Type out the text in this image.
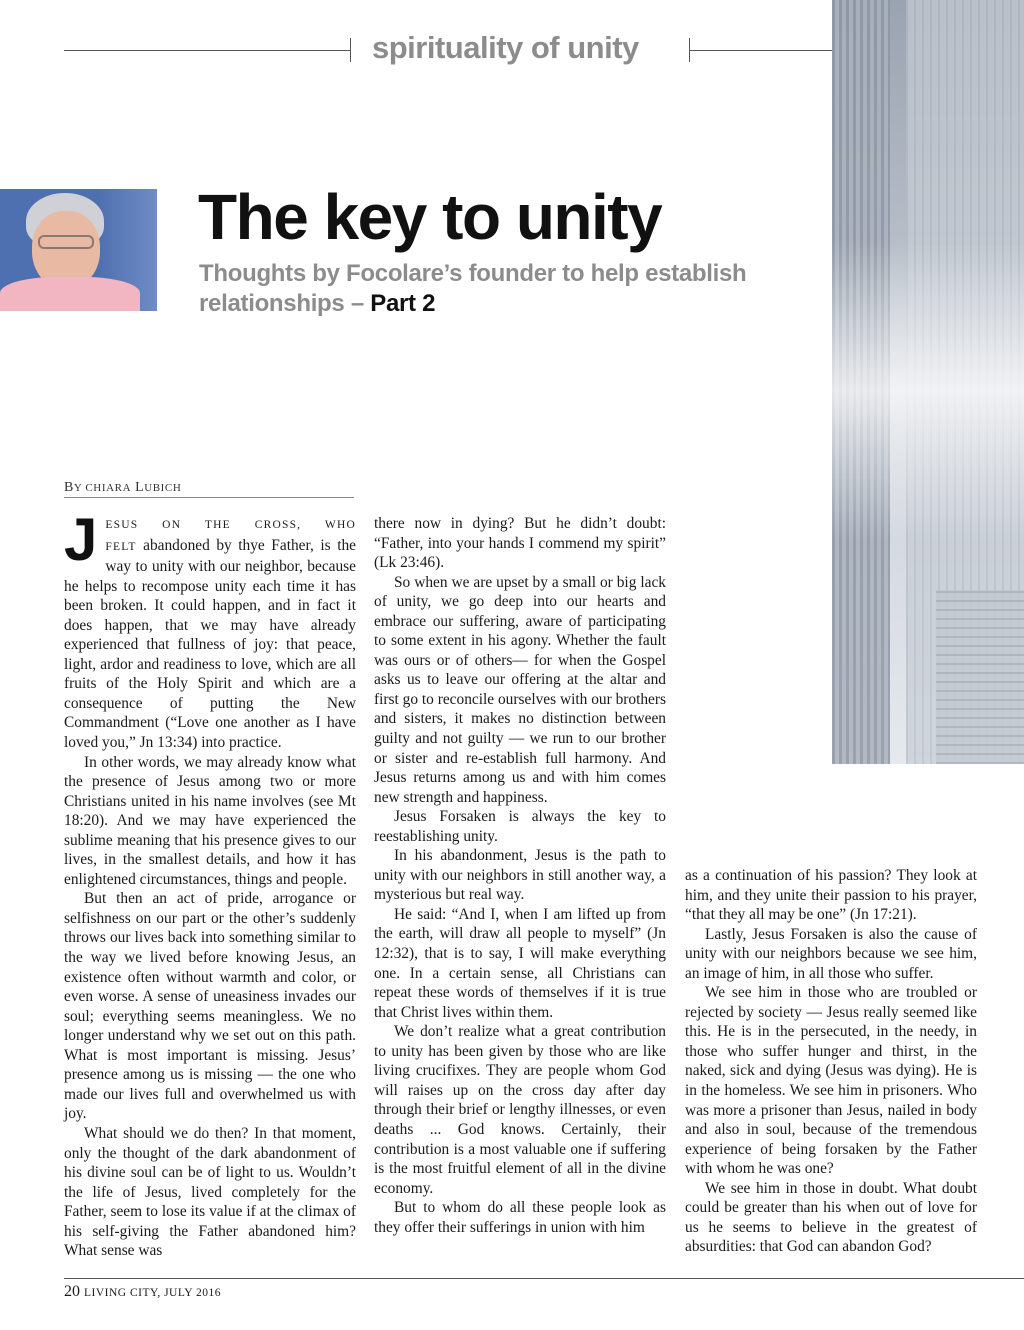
spirituality of unity
The key to unity
Thoughts by Focolare’s founder to help establish relationships – Part 2
BY CHIARA LUBICH

JESUS ON THE CROSS, WHO FELT abandoned by thye Father, is the way to unity with our neighbor, because he helps to recompose unity each time it has been broken. It could happen, and in fact it does happen, that we may have already experienced that fullness of joy: that peace, light, ardor and readiness to love, which are all fruits of the Holy Spirit and which are a consequence of putting the New Commandment (“Love one another as I have loved you,” Jn 13:34) into practice.

In other words, we may already know what the presence of Jesus among two or more Christians united in his name involves (see Mt 18:20). And we may have experienced the sublime meaning that his presence gives to our lives, in the smallest details, and how it has enlightened circumstances, things and people.

But then an act of pride, arrogance or selfishness on our part or the other’s suddenly throws our lives back into something similar to the way we lived before knowing Jesus, an existence often without warmth and color, or even worse. A sense of uneasiness invades our soul; everything seems meaningless. We no longer understand why we set out on this path. What is most important is missing. Jesus’ presence among us is missing — the one who made our lives full and overwhelmed us with joy.

What should we do then? In that moment, only the thought of the dark abandonment of his divine soul can be of light to us. Wouldn’t the life of Jesus, lived completely for the Father, seem to lose its value if at the climax of his self-giving the Father abandoned him? What sense was

there now in dying? But he didn’t doubt: “Father, into your hands I commend my spirit” (Lk 23:46).

So when we are upset by a small or big lack of unity, we go deep into our hearts and embrace our suffering, aware of participating to some extent in his agony. Whether the fault was ours or of others— for when the Gospel asks us to leave our offering at the altar and first go to reconcile ourselves with our brothers and sisters, it makes no distinction between guilty and not guilty — we run to our brother or sister and re-establish full harmony. And Jesus returns among us and with him comes new strength and happiness.

Jesus Forsaken is always the key to reestablishing unity.

In his abandonment, Jesus is the path to unity with our neighbors in still another way, a mysterious but real way.

He said: “And I, when I am lifted up from the earth, will draw all people to myself” (Jn 12:32), that is to say, I will make everything one. In a certain sense, all Christians can repeat these words of themselves if it is true that Christ lives within them.

We don’t realize what a great contribution to unity has been given by those who are like living crucifixes. They are people whom God will raises up on the cross day after day through their brief or lengthy illnesses, or even deaths ... God knows. Certainly, their contribution is a most valuable one if suffering is the most fruitful element of all in the divine economy.

But to whom do all these people look as they offer their sufferings in union with him

as a continuation of his passion? They look at him, and they unite their passion to his prayer, “that they all may be one” (Jn 17:21).

Lastly, Jesus Forsaken is also the cause of unity with our neighbors because we see him, an image of him, in all those who suffer.

We see him in those who are troubled or rejected by society — Jesus really seemed like this. He is in the persecuted, in the needy, in those who suffer hunger and thirst, in the naked, sick and dying (Jesus was dying). He is in the homeless. We see him in prisoners. Who was more a prisoner than Jesus, nailed in body and also in soul, because of the tremendous experience of being forsaken by the Father with whom he was one?

We see him in those in doubt. What doubt could be greater than his when out of love for us he seems to believe in the greatest of absurdities: that God can abandon God?

20 LIVING CITY, JULY 2016
